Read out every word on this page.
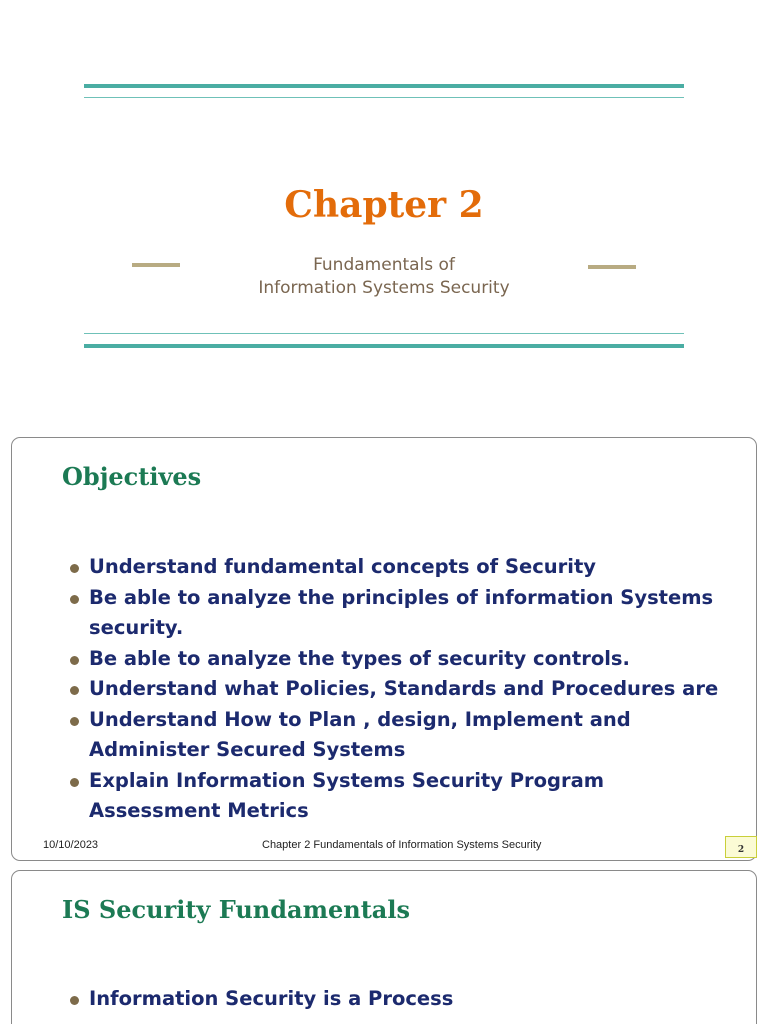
Chapter 2
Fundamentals of
Information Systems Security
Objectives
Understand fundamental concepts of Security
Be able to analyze the principles of information Systems security.
Be able to analyze the types of security controls.
Understand what Policies, Standards and Procedures are
Understand How to Plan , design, Implement and Administer Secured Systems
Explain Information Systems Security Program Assessment Metrics
10/10/2023	Chapter 2 Fundamentals of Information Systems Security	2
IS Security Fundamentals
Information Security is a Process
